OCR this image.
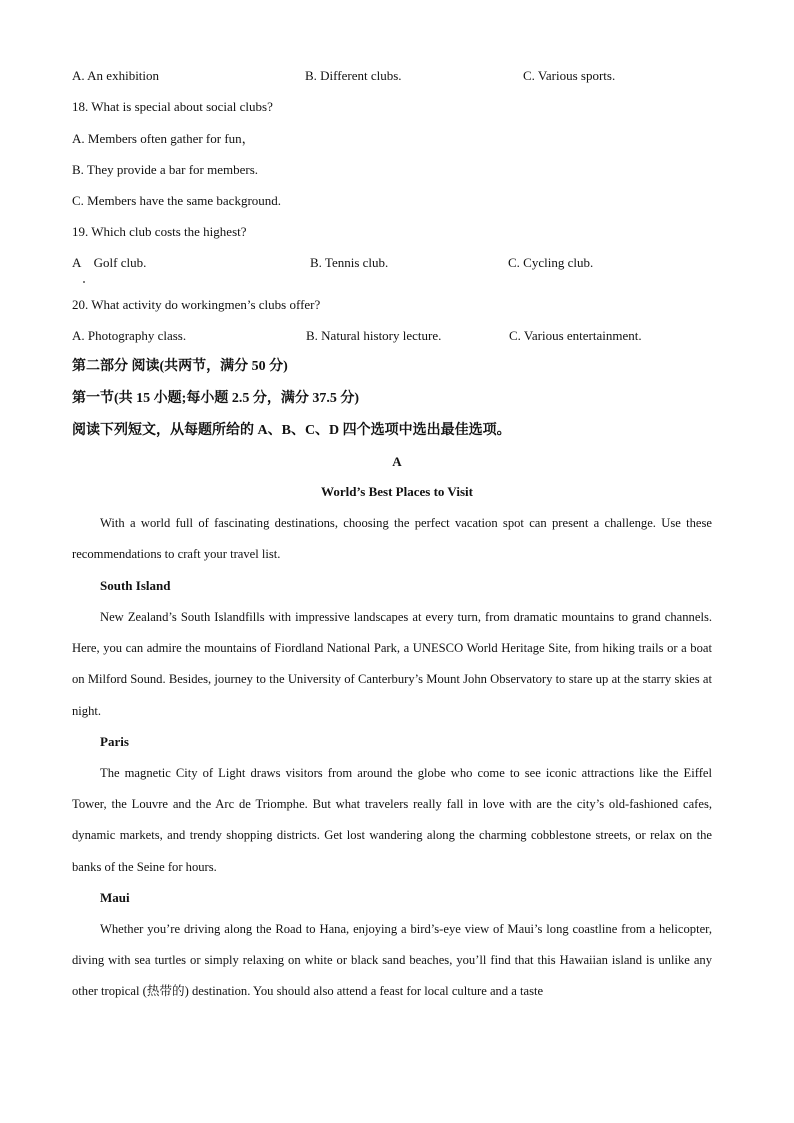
A. An exhibition	B. Different clubs.	C. Various sports.
18. What is special about social clubs?
A. Members often gather for fun，
B. They provide a bar for members.
C. Members have the same background.
19. Which club costs the highest?
A　Golf club.	B. Tennis club.	C. Cycling club.
20. What activity do workingmen’s clubs offer?
A. Photography class.	B. Natural history lecture.	C. Various entertainment.
第二部分 阅读(共两节，满分 50 分)
第一节(共 15 小题;每小题 2.5 分，满分 37.5 分)
阅读下列短文，从每题所给的 A、B、C、D 四个选项中选出最佳选项。
A
World’s Best Places to Visit

With a world full of fascinating destinations, choosing the perfect vacation spot can present a challenge. Use these recommendations to craft your travel list.

South Island

New Zealand’s South Islandfills with impressive landscapes at every turn, from dramatic mountains to grand channels. Here, you can admire the mountains of Fiordland National Park, a UNESCO World Heritage Site, from hiking trails or a boat on Milford Sound. Besides, journey to the University of Canterbury’s Mount John Observatory to stare up at the starry skies at night.

Paris

The magnetic City of Light draws visitors from around the globe who come to see iconic attractions like the Eiffel Tower, the Louvre and the Arc de Triomphe. But what travelers really fall in love with are the city’s old-fashioned cafes, dynamic markets, and trendy shopping districts. Get lost wandering along the charming cobblestone streets, or relax on the banks of the Seine for hours.

Maui

Whether you’re driving along the Road to Hana, enjoying a bird’s-eye view of Maui’s long coastline from a helicopter, diving with sea turtles or simply relaxing on white or black sand beaches, you’ll find that this Hawaiian island is unlike any other tropical (热带的) destination. You should also attend a feast for local culture and a taste
